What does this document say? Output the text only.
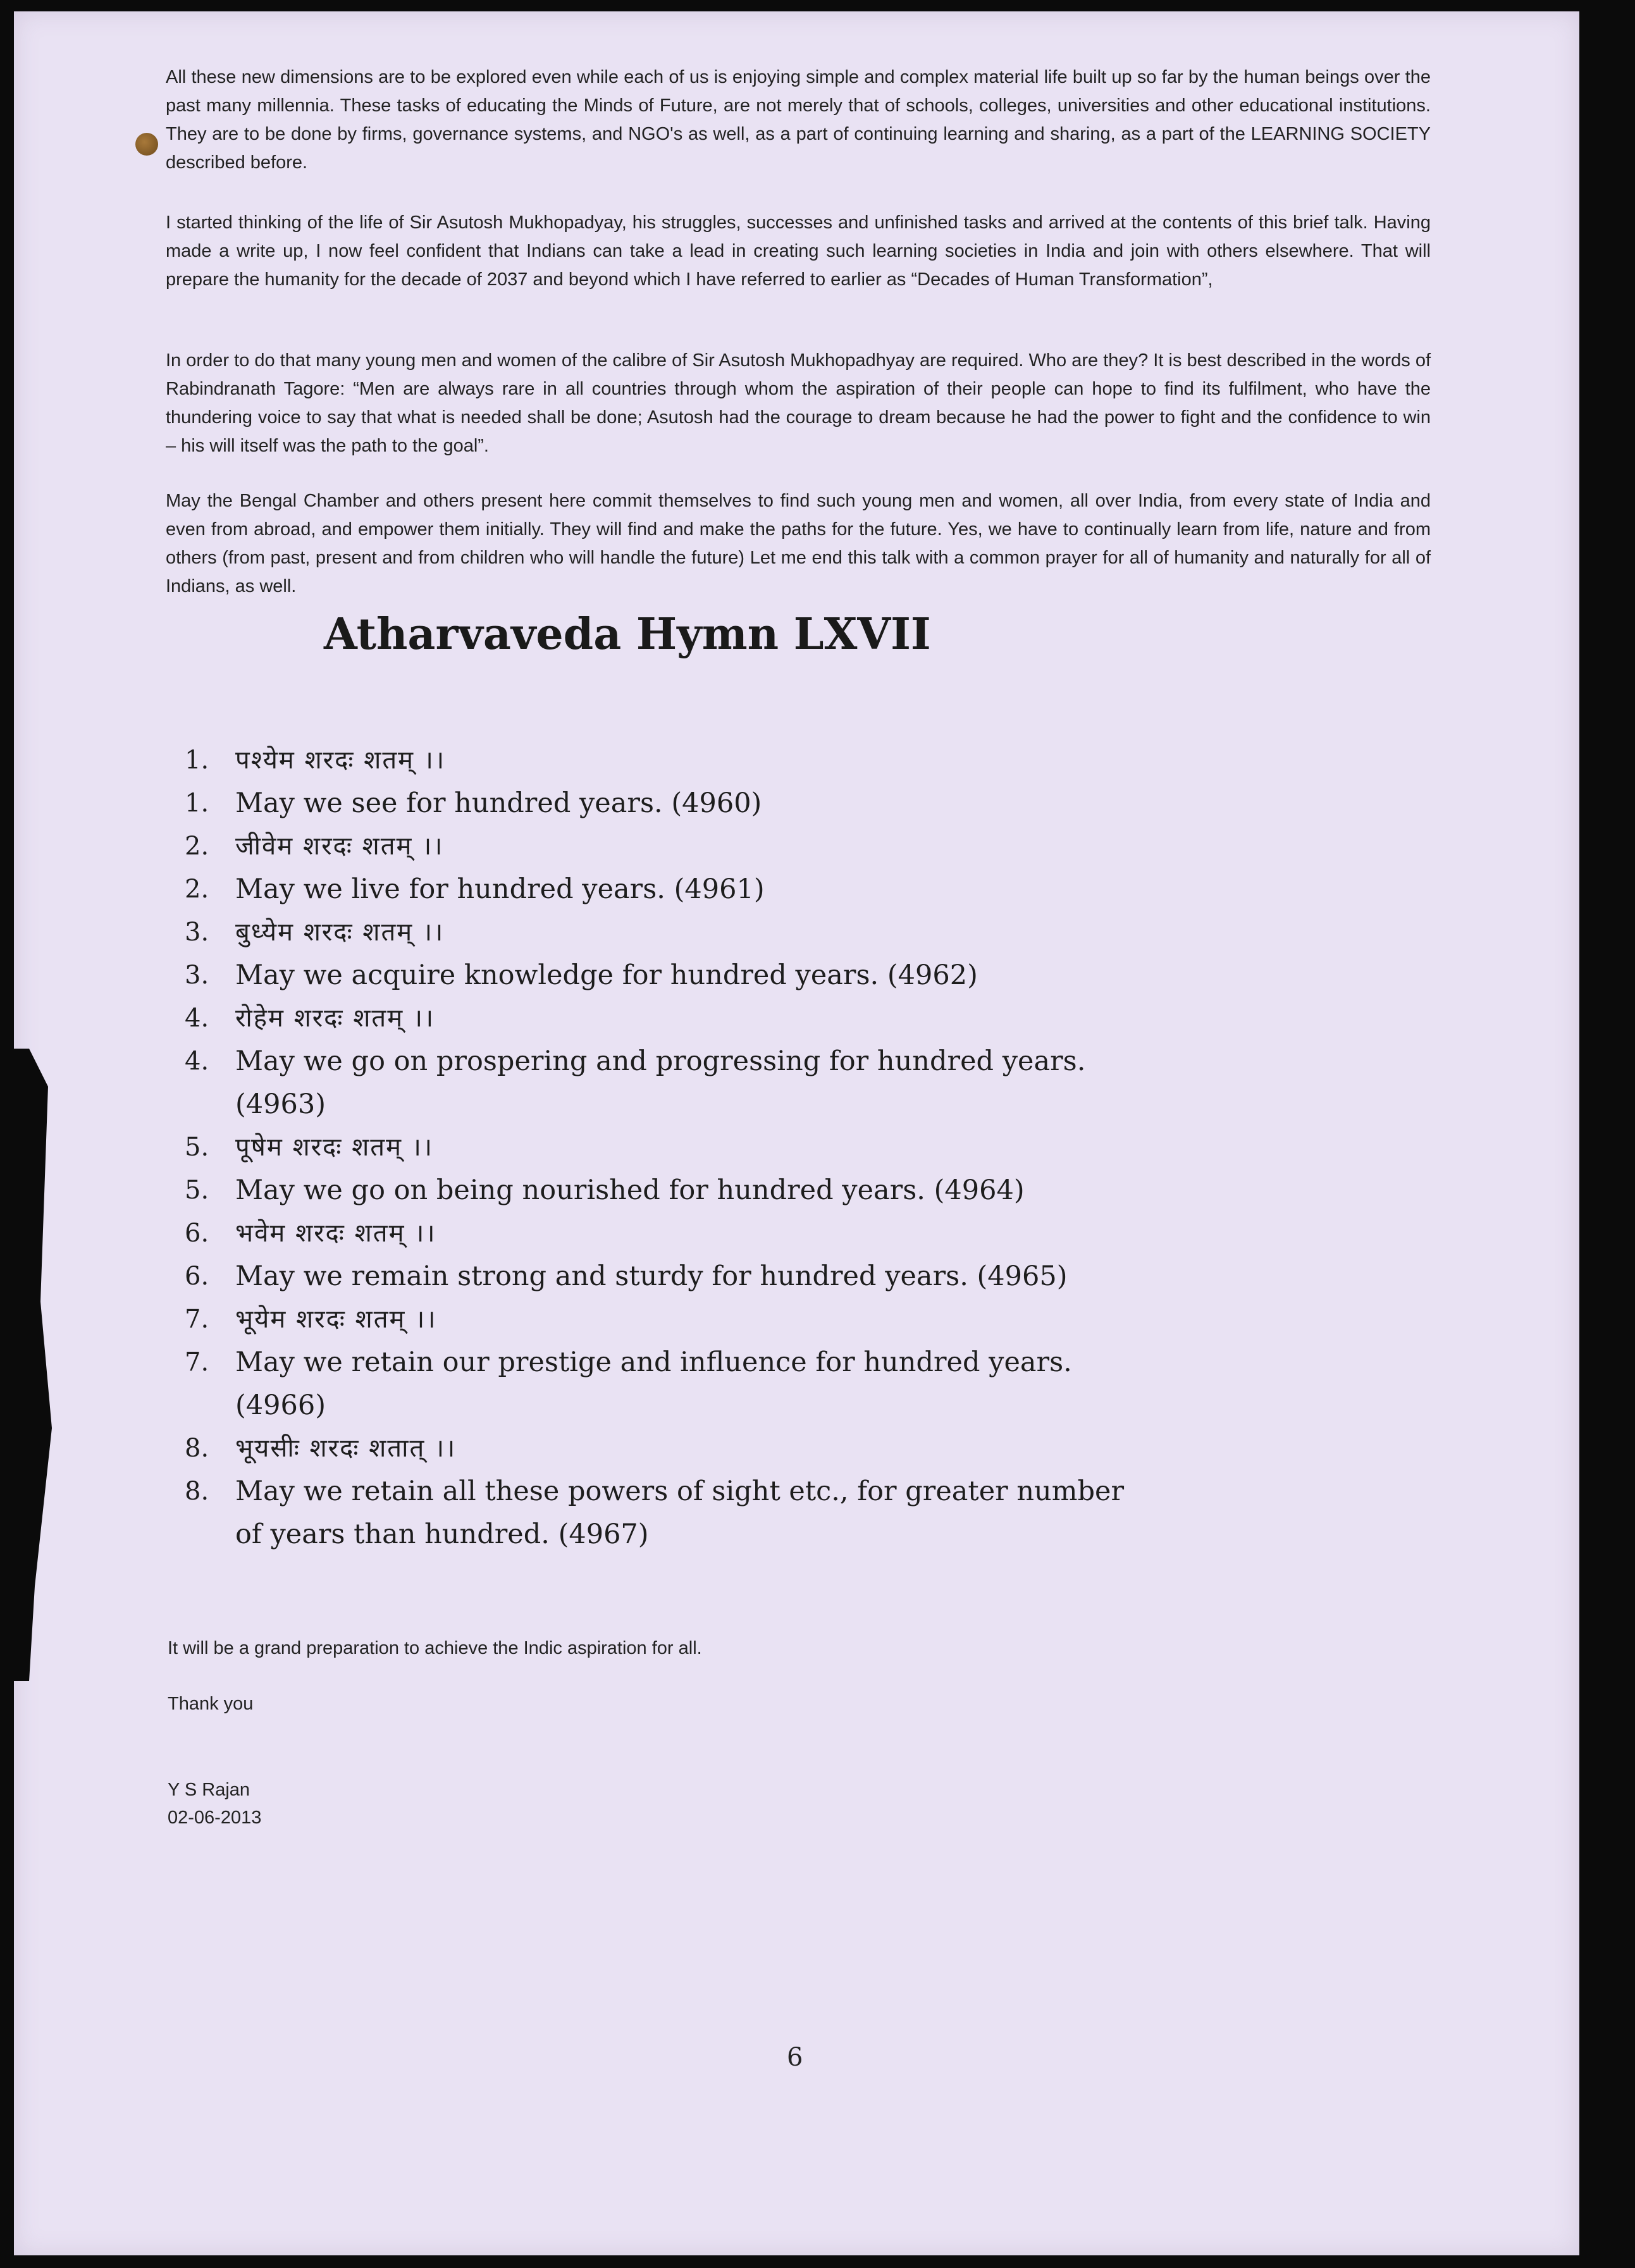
All these new dimensions are to be explored even while each of us is enjoying simple and complex material life built up so far by the human beings over the past many millennia. These tasks of educating the Minds of Future, are not merely that of schools, colleges, universities and other educational institutions. They are to be done by firms, governance systems, and NGO's as well, as a part of continuing learning and sharing, as a part of the LEARNING SOCIETY described before.

I started thinking of the life of Sir Asutosh Mukhopadyay, his struggles, successes and unfinished tasks and arrived at the contents of this brief talk. Having made a write up, I now feel confident that Indians can take a lead in creating such learning societies in India and join with others elsewhere. That will prepare the humanity for the decade of 2037 and beyond which I have referred to earlier as “Decades of Human Transformation”,

In order to do that many young men and women of the calibre of Sir Asutosh Mukhopadhyay are required. Who are they? It is best described in the words of Rabindranath Tagore: “Men are always rare in all countries through whom the aspiration of their people can hope to find its fulfilment, who have the thundering voice to say that what is needed shall be done; Asutosh had the courage to dream because he had the power to fight and the confidence to win – his will itself was the path to the goal”.

May the Bengal Chamber and others present here commit themselves to find such young men and women, all over India, from every state of India and even from abroad, and empower them initially. They will find and make the paths for the future. Yes, we have to continually learn from life, nature and from others (from past, present and from children who will handle the future) Let me end this talk with a common prayer for all of humanity and naturally for all of Indians, as well.

Atharvaveda Hymn LXVII
1.	पश्येम शरदः शतम् ।।
1. May we see for hundred years. (4960)
2.	जीवेम शरदः शतम् ।।
2. May we live for hundred years. (4961)
3.	बुध्येम शरदः शतम् ।।
3. May we acquire knowledge for hundred years. (4962)
4.	रोहेम शरदः शतम् ।।
4. May we go on prospering and progressing for hundred years. (4963)
5.	पूषेम शरदः शतम् ।।
5. May we go on being nourished for hundred years. (4964)
6.	भवेम शरदः शतम् ।।
6. May we remain strong and sturdy for hundred years. (4965)
7.	भूयेम शरदः शतम् ।।
7. May we retain our prestige and influence for hundred years. (4966)
8.	भूयसीः शरदः शतात् ।।
8. May we retain all these powers of sight etc., for greater number of years than hundred. (4967)

It will be a grand preparation to achieve the Indic aspiration for all.

Thank you

Y S Rajan

02-06-2013

6
